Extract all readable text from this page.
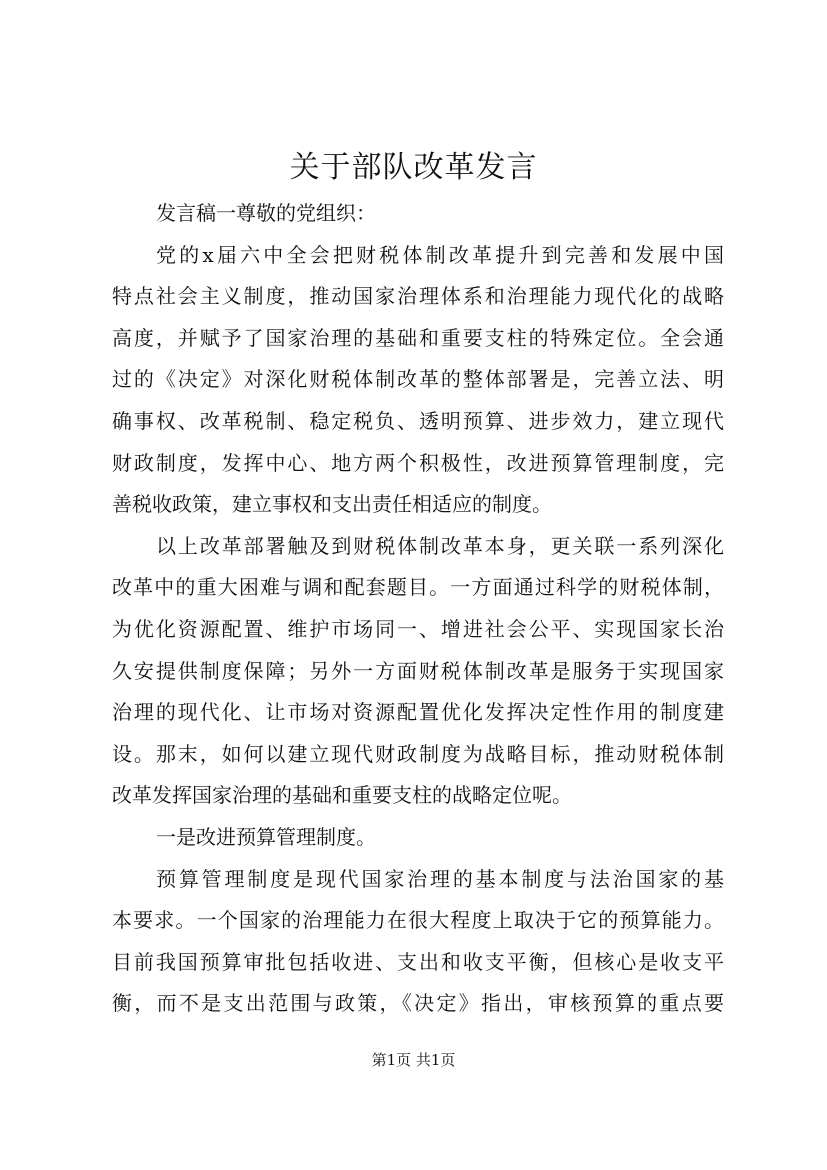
关于部队改革发言
发言稿一尊敬的党组织：
党的x届六中全会把财税体制改革提升到完善和发展中国
特点社会主义制度，推动国家治理体系和治理能力现代化的战略
高度，并赋予了国家治理的基础和重要支柱的特殊定位。全会通
过的《决定》对深化财税体制改革的整体部署是，完善立法、明
确事权、改革税制、稳定税负、透明预算、进步效力，建立现代
财政制度，发挥中心、地方两个积极性，改进预算管理制度，完
善税收政策，建立事权和支出责任相适应的制度。
以上改革部署触及到财税体制改革本身，更关联一系列深化
改革中的重大困难与调和配套题目。一方面通过科学的财税体制，
为优化资源配置、维护市场同一、增进社会公平、实现国家长治
久安提供制度保障；另外一方面财税体制改革是服务于实现国家
治理的现代化、让市场对资源配置优化发挥决定性作用的制度建
设。那末，如何以建立现代财政制度为战略目标，推动财税体制
改革发挥国家治理的基础和重要支柱的战略定位呢。
一是改进预算管理制度。
预算管理制度是现代国家治理的基本制度与法治国家的基
本要求。一个国家的治理能力在很大程度上取决于它的预算能力。
目前我国预算审批包括收进、支出和收支平衡，但核心是收支平
衡，而不是支出范围与政策，《决定》指出，审核预算的重点要
第1页 共1页
